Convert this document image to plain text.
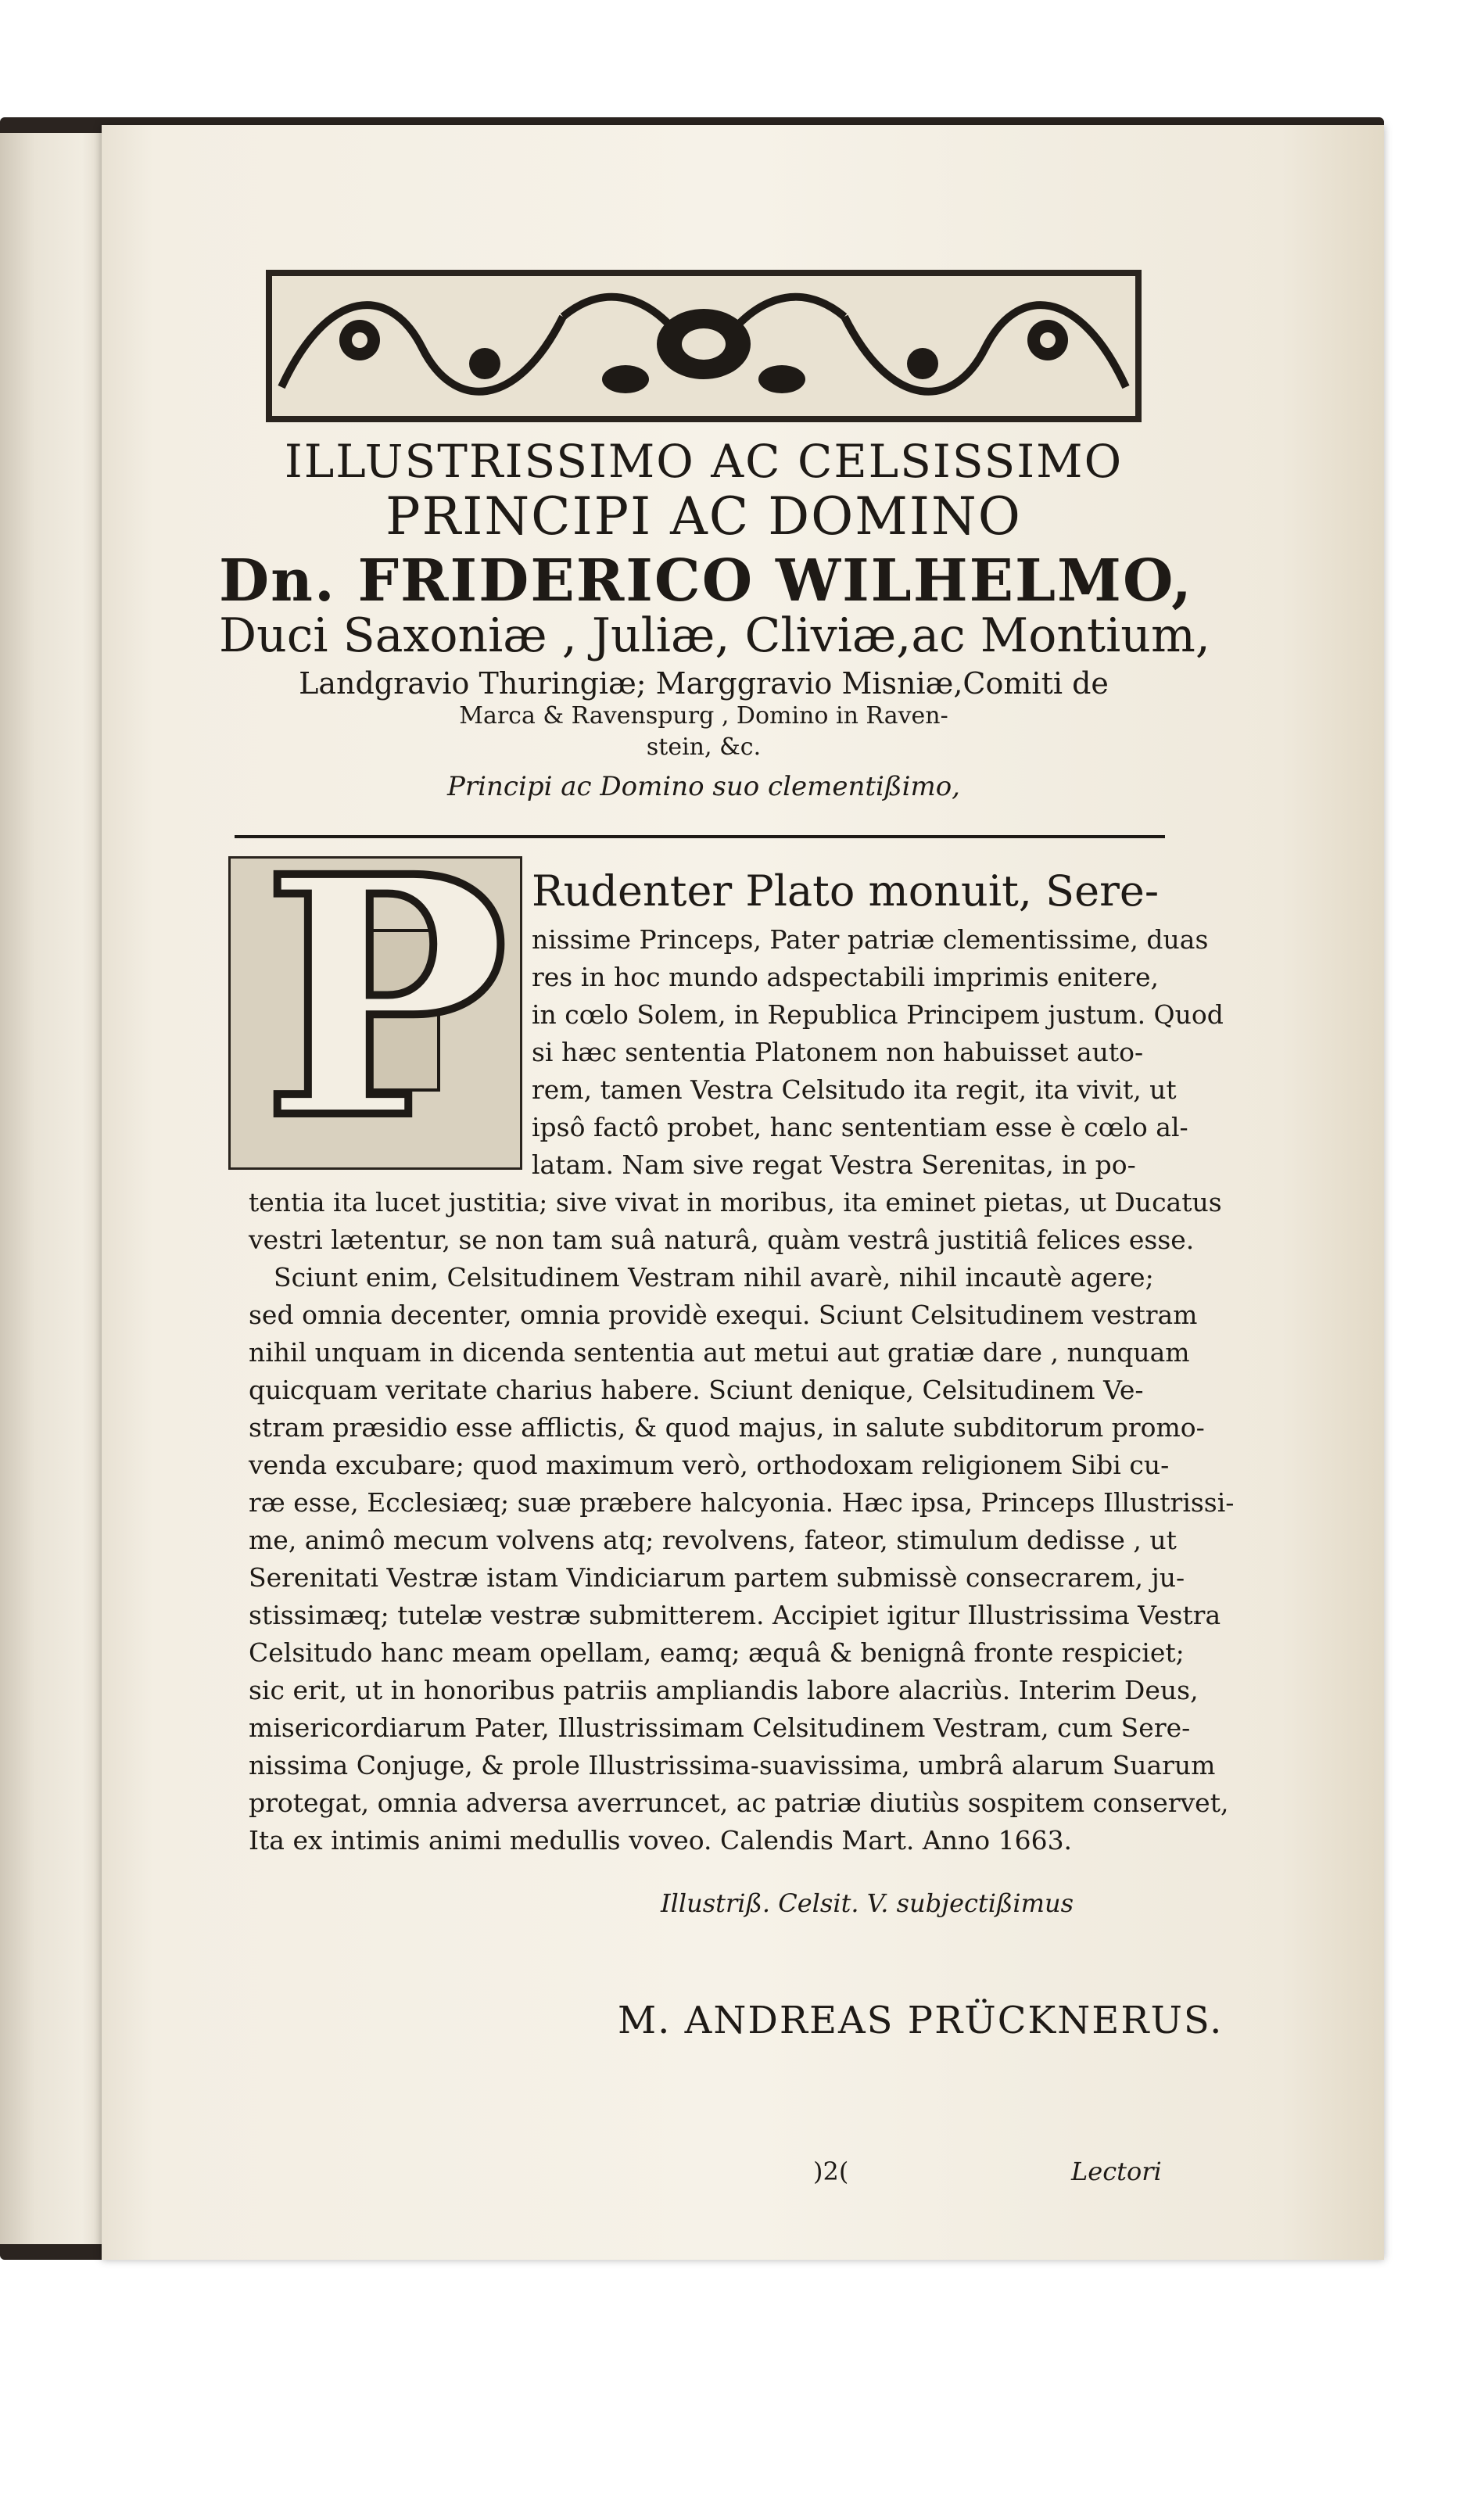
ILLUSTRISSIMO AC CELSISSIMO
PRINCIPI AC DOMINO
Dn. FRIDERICO WILHELMO,
Duci Saxoniæ , Juliæ, Cliviæ,ac Montium,
Landgravio Thuringiæ; Marggravio Misniæ,Comiti de
Marca & Ravenspurg , Domino in Raven-
stein, &c.
Principi ac Domino suo clementißimo,
P Rudenter Plato monuit, Sere-
nissime Princeps, Pater patriæ clementissime, duas
res in hoc mundo adspectabili imprimis enitere,
in cœlo Solem, in Republica Principem justum. Quod
si hæc sententia Platonem non habuisset auto-
rem, tamen Vestra Celsitudo ita regit, ita vivit, ut
ipsô factô probet, hanc sententiam esse è cœlo al-
latam. Nam sive regat Vestra Serenitas, in po-
tentia ita lucet justitia; sive vivat in moribus, ita eminet pietas, ut Ducatus
vestri lætentur, se non tam suâ naturâ, quàm vestrâ justitiâ felices esse.
Sciunt enim, Celsitudinem Vestram nihil avarè, nihil incautè agere;
sed omnia decenter, omnia providè exequi. Sciunt Celsitudinem vestram
nihil unquam in dicenda sententia aut metui aut gratiæ dare , nunquam
quicquam veritate charius habere. Sciunt denique, Celsitudinem Ve-
stram præsidio esse afflictis, & quod majus, in salute subditorum promo-
venda excubare; quod maximum verò, orthodoxam religionem Sibi cu-
ræ esse, Ecclesiæq; suæ præbere halcyonia. Hæc ipsa, Princeps Illustrissi-
me, animô mecum volvens atq; revolvens, fateor, stimulum dedisse , ut
Serenitati Vestræ istam Vindiciarum partem submissè consecrarem, ju-
stissimæq; tutelæ vestræ submitterem. Accipiet igitur Illustrissima Vestra
Celsitudo hanc meam opellam, eamq; æquâ & benignâ fronte respiciet;
sic erit, ut in honoribus patriis ampliandis labore alacriùs. Interim Deus,
misericordiarum Pater, Illustrissimam Celsitudinem Vestram, cum Sere-
nissima Conjuge, & prole Illustrissima-suavissima, umbrâ alarum Suarum
protegat, omnia adversa averruncet, ac patriæ diutiùs sospitem conservet,
Ita ex intimis animi medullis voveo. Calendis Mart. Anno 1663.
Illustriß. Celsit. V. subjectißimus
M. ANDREAS PRÜCKNERUS.
)2(	Lectori
